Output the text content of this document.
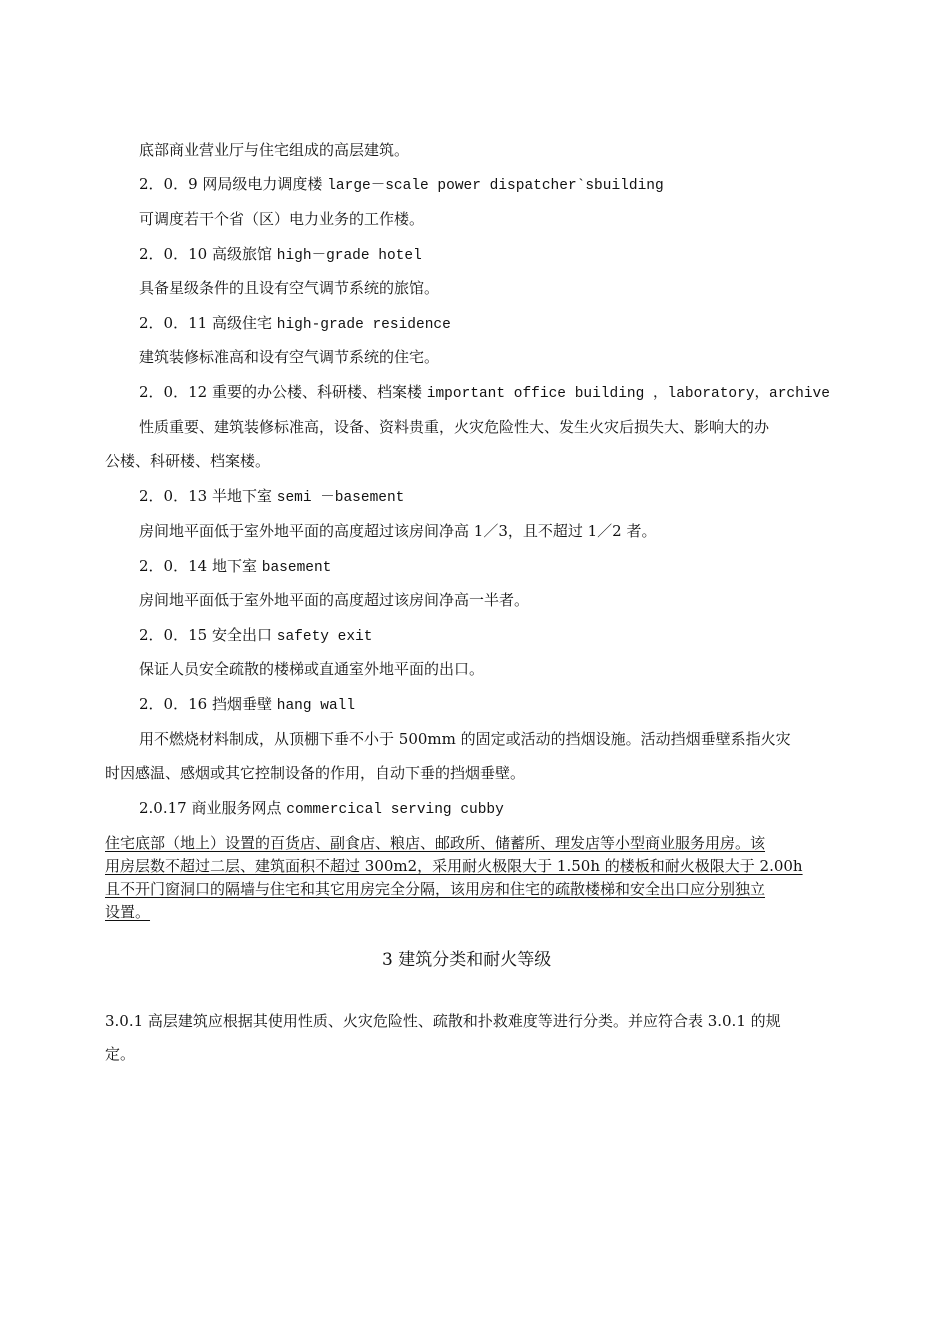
底部商业营业厅与住宅组成的高层建筑。
2．0．9 网局级电力调度楼 large－scale power dispatcher`sbuilding
可调度若干个省（区）电力业务的工作楼。
2．0．10 高级旅馆 high－grade hotel
具备星级条件的且设有空气调节系统的旅馆。
2．0．11 高级住宅 high-grade residence
建筑装修标准高和设有空气调节系统的住宅。
2．0．12 重要的办公楼、科研楼、档案楼 important office building ，laboratory，archive
性质重要、建筑装修标准高，设备、资料贵重，火灾危险性大、发生火灾后损失大、影响大的办
公楼、科研楼、档案楼。
2．0．13 半地下室 semi －basement
房间地平面低于室外地平面的高度超过该房间净高 1／3，且不超过 1／2 者。
2．0．14 地下室 basement
房间地平面低于室外地平面的高度超过该房间净高一半者。
2．0．15 安全出口 safety exit
保证人员安全疏散的楼梯或直通室外地平面的出口。
2．0．16 挡烟垂壁 hang wall
用不燃烧材料制成，从顶棚下垂不小于 500mm 的固定或活动的挡烟设施。活动挡烟垂壁系指火灾
时因感温、感烟或其它控制设备的作用，自动下垂的挡烟垂壁。
2.0.17 商业服务网点 commercical serving cubby
住宅底部（地上）设置的百货店、副食店、粮店、邮政所、储蓄所、理发店等小型商业服务用房。该
用房层数不超过二层、建筑面积不超过 300m2，采用耐火极限大于 1.50h 的楼板和耐火极限大于 2.00h
且不开门窗洞口的隔墙与住宅和其它用房完全分隔，该用房和住宅的疏散楼梯和安全出口应分别独立
设置。
3 建筑分类和耐火等级
3.0.1 高层建筑应根据其使用性质、火灾危险性、疏散和扑救难度等进行分类。并应符合表 3.0.1 的规
定。
